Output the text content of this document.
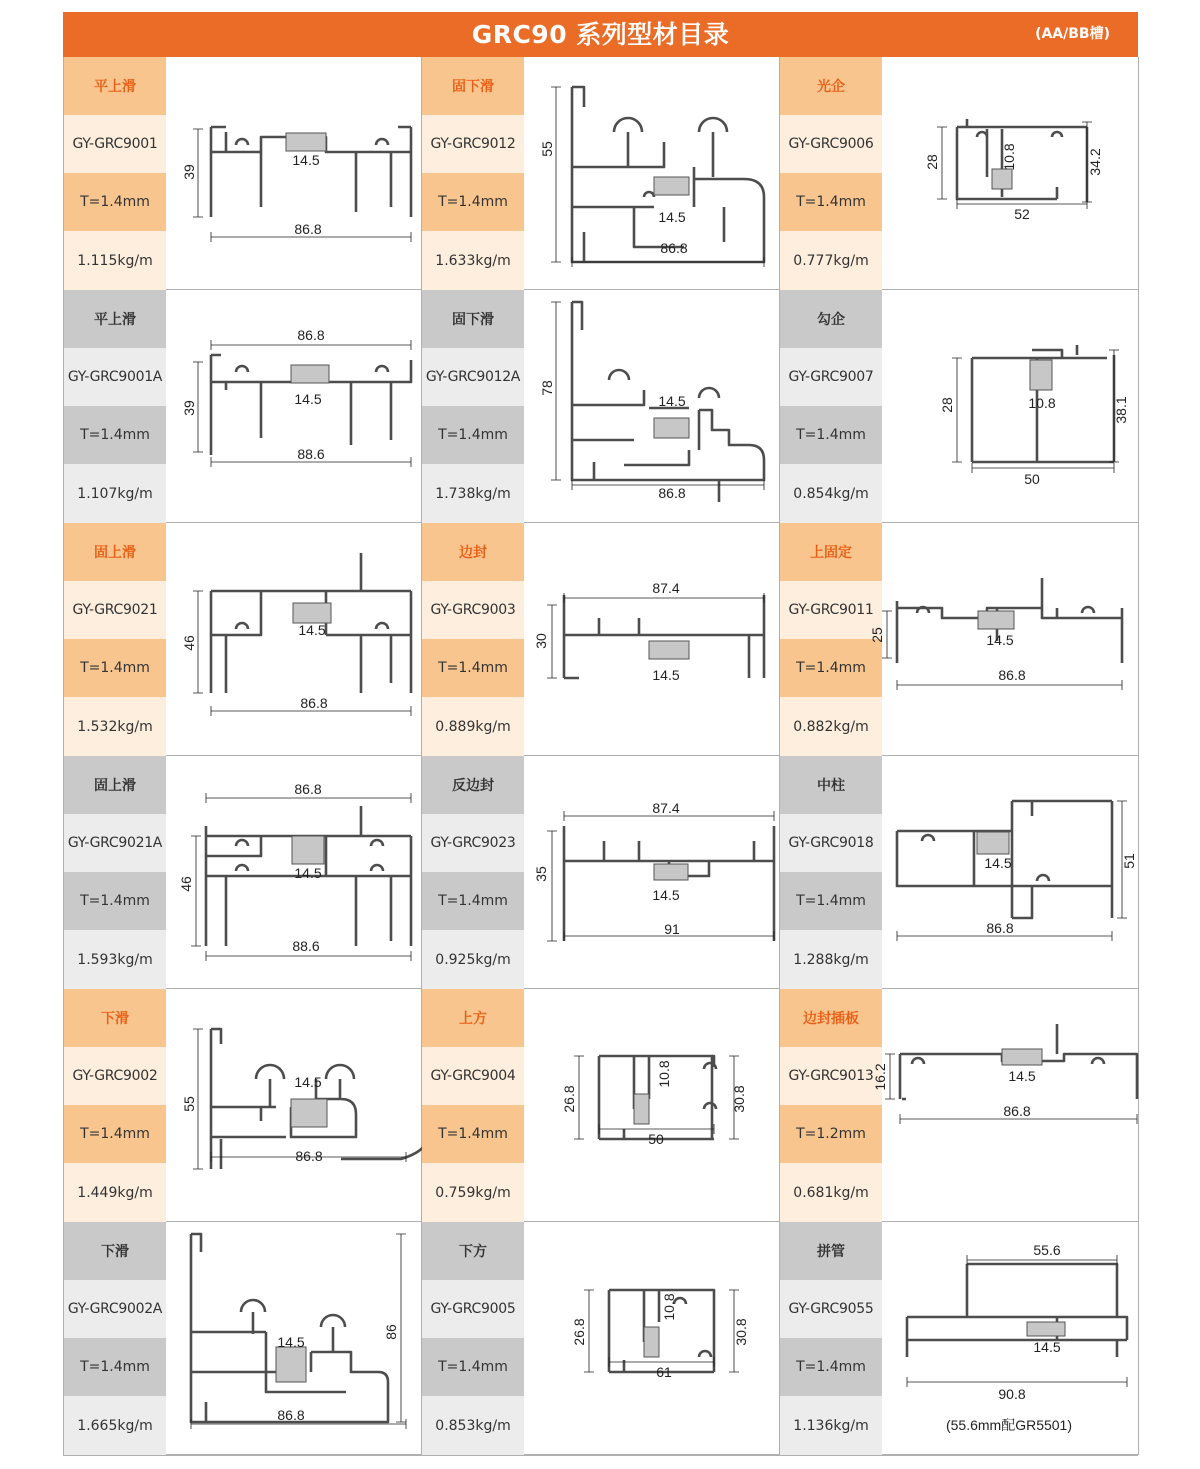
GRC90 系列型材目录	(AA/BB槽)
平上滑
GY-GRC9001
T=1.4mm
1.115kg/m
39
14.5
86.8
固下滑
GY-GRC9012
T=1.4mm
1.633kg/m
55
14.5
86.8
光企
GY-GRC9006
T=1.4mm
0.777kg/m
28	10.8	34.2
52
平上滑
GY-GRC9001A
T=1.4mm
1.107kg/m
86.8
39
14.5
88.6
固下滑
GY-GRC9012A
T=1.4mm
1.738kg/m
78
14.5
86.8
勾企
GY-GRC9007
T=1.4mm
0.854kg/m
28	10.8	38.1
50
固上滑
GY-GRC9021
T=1.4mm
1.532kg/m
46
14.5
86.8
边封
GY-GRC9003
T=1.4mm
0.889kg/m
87.4
30
14.5
上固定
GY-GRC9011
T=1.4mm
0.882kg/m
25	14.5
86.8
固上滑
GY-GRC9021A
T=1.4mm
1.593kg/m
86.8
46
14.5
88.6
反边封
GY-GRC9023
T=1.4mm
0.925kg/m
87.4
35
14.5
91
中柱
GY-GRC9018
T=1.4mm
1.288kg/m
14.5	51
86.8
下滑
GY-GRC9002
T=1.4mm
1.449kg/m
55
14.5
86.8
上方
GY-GRC9004
T=1.4mm
0.759kg/m
26.8
10.8
30.8
50
边封插板
GY-GRC9013
T=1.2mm
0.681kg/m
16.2	14.5
86.8
下滑
GY-GRC9002A
T=1.4mm
1.665kg/m
86
14.5
86.8
下方
GY-GRC9005
T=1.4mm
0.853kg/m
26.8
10.8
30.8
61
拼管
GY-GRC9055
T=1.4mm
1.136kg/m
55.6
14.5
90.8
(55.6mm配GR5501)
